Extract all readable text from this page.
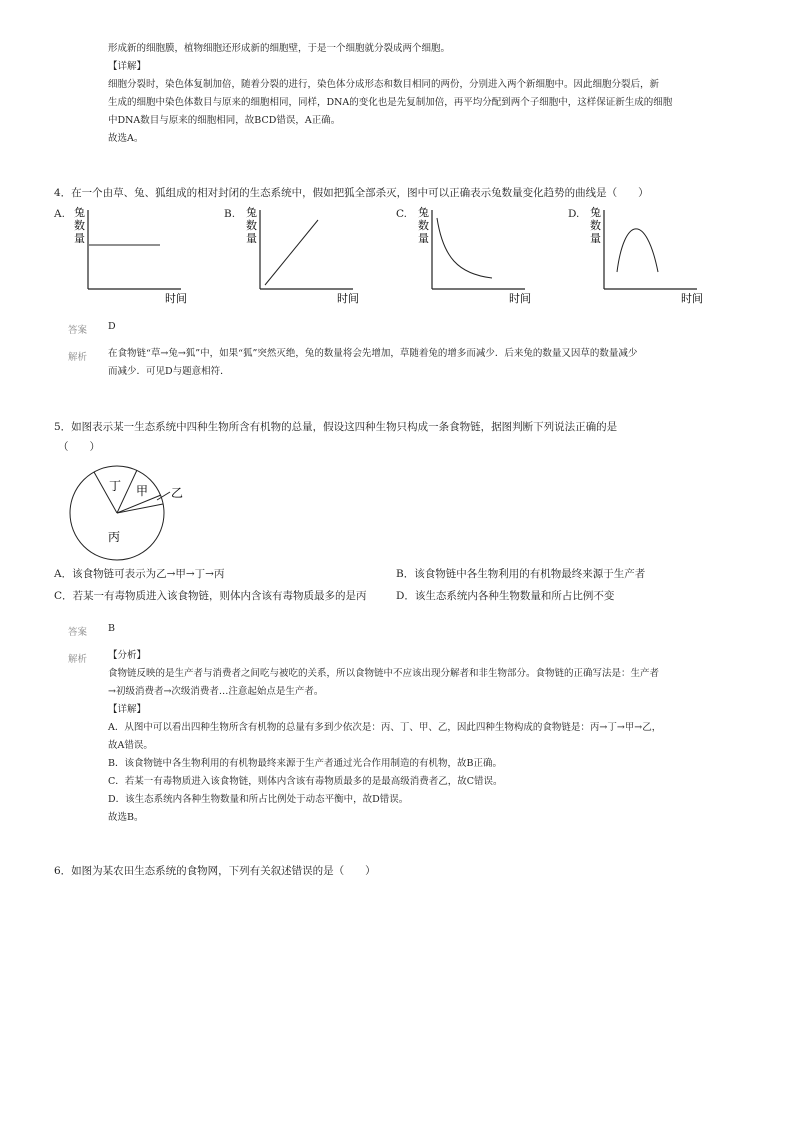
形成新的细胞膜，植物细胞还形成新的细胞壁，于是一个细胞就分裂成两个细胞。
【详解】
细胞分裂时，染色体复制加倍，随着分裂的进行，染色体分成形态和数目相同的两份，分别进入两个新细胞中。因此细胞分裂后，新
生成的细胞中染色体数目与原来的细胞相同，同样，DNA的变化也是先复制加倍，再平均分配到两个子细胞中，这样保证新生成的细胞
中DNA数目与原来的细胞相同，故BCD错误，A正确。
故选A。
4．在一个由草、兔、狐组成的相对封闭的生态系统中，假如把狐全部杀灭，图中可以正确表示兔数量变化趋势的曲线是（　　）
A. 兔
数
量
时间
B. 兔
数
量
时间
C. 兔
数
量
时间
D. 兔
数
量
时间
答案 D
解析 在食物链“草→兔→狐”中，如果“狐”突然灭绝，兔的数量将会先增加，草随着兔的增多而减少．后来兔的数量又因草的数量减少
而减少．可见D与题意相符．
5．如图表示某一生态系统中四种生物所含有机物的总量，假设这四种生物只构成一条食物链，据图判断下列说法正确的是
（　　）
丁 甲 乙
丙
A．该食物链可表示为乙→甲→丁→丙	B．该食物链中各生物利用的有机物最终来源于生产者
C．若某一有毒物质进入该食物链，则体内含该有毒物质最多的是丙	D．该生态系统内各种生物数量和所占比例不变
答案 B
解析 【分析】
食物链反映的是生产者与消费者之间吃与被吃的关系，所以食物链中不应该出现分解者和非生物部分。食物链的正确写法是：生产者
→初级消费者→次级消费者…注意起始点是生产者。
【详解】
A．从图中可以看出四种生物所含有机物的总量有多到少依次是：丙、丁、甲、乙，因此四种生物构成的食物链是：丙→丁→甲→乙，
故A错误。
B．该食物链中各生物利用的有机物最终来源于生产者通过光合作用制造的有机物，故B正确。
C．若某一有毒物质进入该食物链，则体内含该有毒物质最多的是最高级消费者乙，故C错误。
D．该生态系统内各种生物数量和所占比例处于动态平衡中，故D错误。
故选B。
6．如图为某农田生态系统的食物网，下列有关叙述错误的是（　　）
